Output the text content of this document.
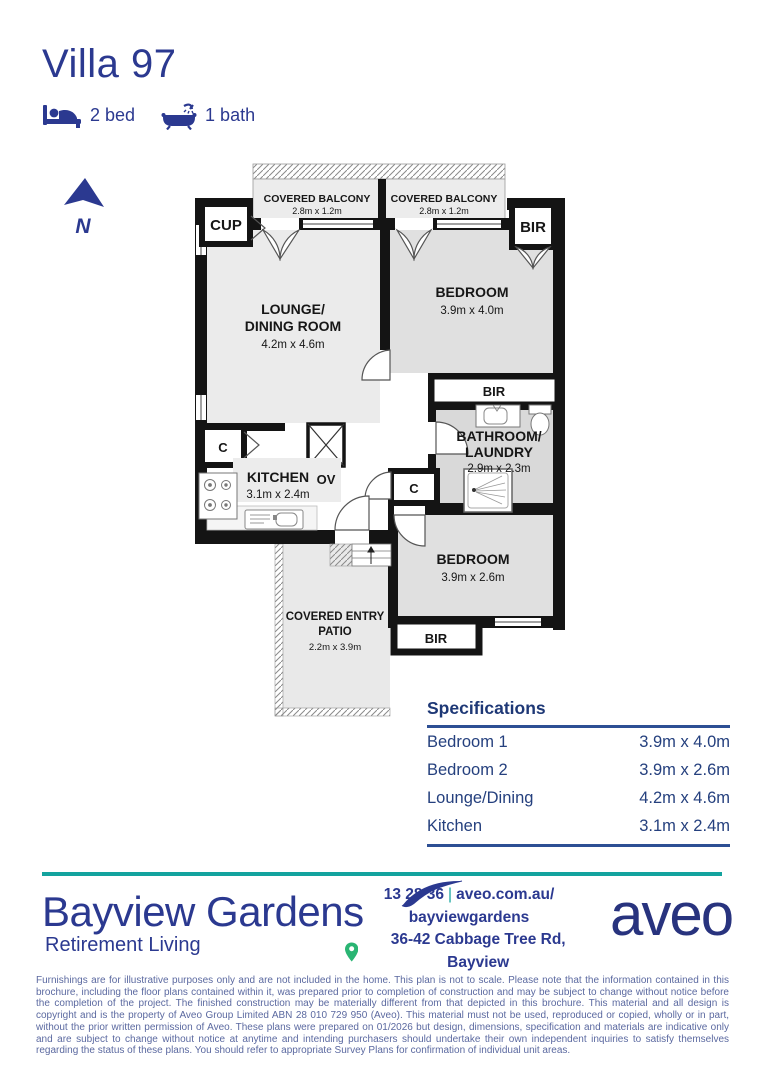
Villa 97
2 bed	1 bath
N
COVERED BALCONY
2.8m x 1.2m
COVERED BALCONY
2.8m x 1.2m
CUP	BIR
LOUNGE/
DINING ROOM
4.2m x 4.6m
BEDROOM
3.9m x 4.0m
BIR
BATHROOM/
LAUNDRY
2.9m x 2.3m
C
C
KITCHEN
3.1m x 2.4m
OV
BEDROOM
3.9m x 2.6m
BIR
COVERED ENTRY
PATIO
2.2m x 3.9m
Specifications
Bedroom 1	3.9m x 4.0m
Bedroom 2	3.9m x 2.6m
Lounge/Dining	4.2m x 4.6m
Kitchen	3.1m x 2.4m
Bayview Gardens
Retirement Living
13 28 36 | aveo.com.au/
bayviewgardens
36-42 Cabbage Tree Rd, Bayview
aveo

Furnishings are for illustrative purposes only and are not included in the home. This plan is not to scale. Please note that the information contained in this brochure, including the floor plans contained within it, was prepared prior to completion of construction and may be subject to change without notice before the completion of the project. The finished construction may be materially different from that depicted in this brochure. This material and all design is copyright and is the property of Aveo Group Limited ABN 28 010 729 950 (Aveo). This material must not be used, reproduced or copied, wholly or in part, without the prior written permission of Aveo. These plans were prepared on 01/2026 but design, dimensions, specification and materials are indicative only and are subject to change without notice at anytime and intending purchasers should undertake their own independent inquiries to satisfy themselves regarding the status of these plans. You should refer to appropriate Survey Plans for confirmation of individual unit areas.
